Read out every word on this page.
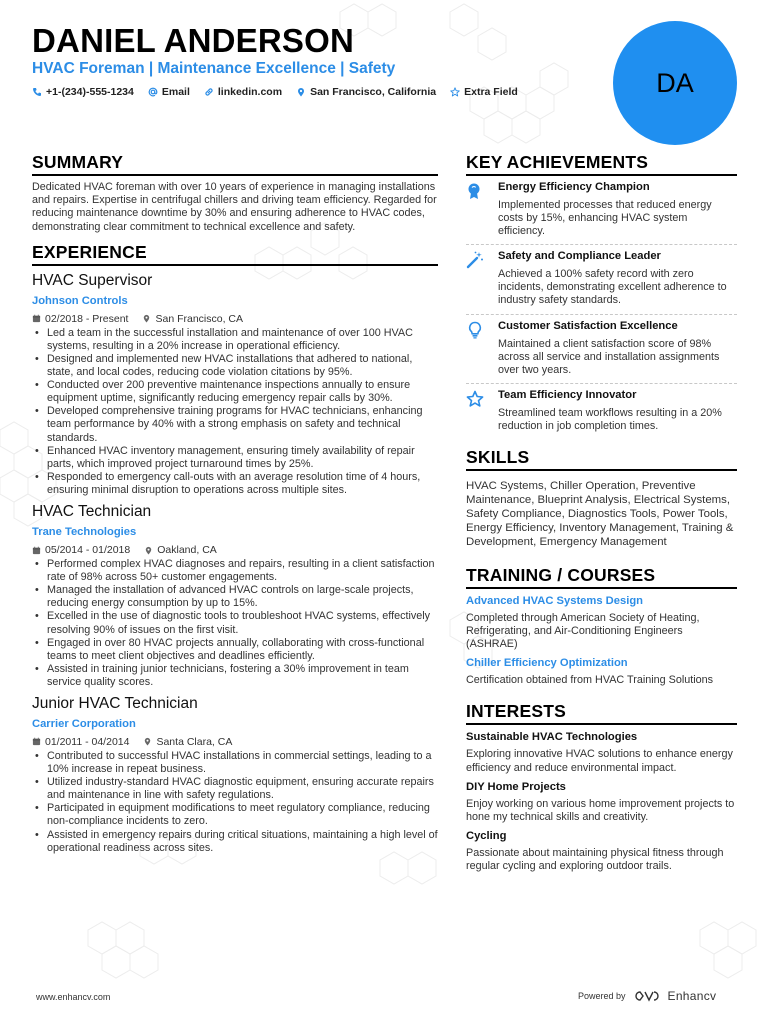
DANIEL ANDERSON
HVAC Foreman | Maintenance Excellence | Safety
+1-(234)-555-1234	Email	linkedin.com	San Francisco, California	Extra Field	DA
SUMMARY
Dedicated HVAC foreman with over 10 years of experience in managing installations and repairs. Expertise in centrifugal chillers and driving team efficiency. Regarded for reducing maintenance downtime by 30% and ensuring adherence to HVAC codes, demonstrating clear commitment to technical excellence and safety.
EXPERIENCE
HVAC Supervisor
Johnson Controls
02/2018 - Present	San Francisco, CA
• Led a team in the successful installation and maintenance of over 100 HVAC systems, resulting in a 20% increase in operational efficiency.
• Designed and implemented new HVAC installations that adhered to national, state, and local codes, reducing code violation citations by 95%.
• Conducted over 200 preventive maintenance inspections annually to ensure equipment uptime, significantly reducing emergency repair calls by 30%.
• Developed comprehensive training programs for HVAC technicians, enhancing team performance by 40% with a strong emphasis on safety and technical standards.
• Enhanced HVAC inventory management, ensuring timely availability of repair parts, which improved project turnaround times by 25%.
• Responded to emergency call-outs with an average resolution time of 4 hours, ensuring minimal disruption to operations across multiple sites.
HVAC Technician
Trane Technologies
05/2014 - 01/2018	Oakland, CA
• Performed complex HVAC diagnoses and repairs, resulting in a client satisfaction rate of 98% across 50+ customer engagements.
• Managed the installation of advanced HVAC controls on large-scale projects, reducing energy consumption by up to 15%.
• Excelled in the use of diagnostic tools to troubleshoot HVAC systems, effectively resolving 90% of issues on the first visit.
• Engaged in over 80 HVAC projects annually, collaborating with cross-functional teams to meet client objectives and deadlines efficiently.
• Assisted in training junior technicians, fostering a 30% improvement in team service quality scores.
Junior HVAC Technician
Carrier Corporation
01/2011 - 04/2014	Santa Clara, CA
• Contributed to successful HVAC installations in commercial settings, leading to a 10% increase in repeat business.
• Utilized industry-standard HVAC diagnostic equipment, ensuring accurate repairs and maintenance in line with safety regulations.
• Participated in equipment modifications to meet regulatory compliance, reducing non-compliance incidents to zero.
• Assisted in emergency repairs during critical situations, maintaining a high level of operational readiness across sites.
KEY ACHIEVEMENTS
Energy Efficiency Champion
Implemented processes that reduced energy costs by 15%, enhancing HVAC system efficiency.
Safety and Compliance Leader
Achieved a 100% safety record with zero incidents, demonstrating excellent adherence to industry safety standards.
Customer Satisfaction Excellence
Maintained a client satisfaction score of 98% across all service and installation assignments over two years.
Team Efficiency Innovator
Streamlined team workflows resulting in a 20% reduction in job completion times.
SKILLS
HVAC Systems, Chiller Operation, Preventive Maintenance, Blueprint Analysis, Electrical Systems, Safety Compliance, Diagnostics Tools, Power Tools, Energy Efficiency, Inventory Management, Training & Development, Emergency Management
TRAINING / COURSES
Advanced HVAC Systems Design
Completed through American Society of Heating, Refrigerating, and Air-Conditioning Engineers (ASHRAE)
Chiller Efficiency Optimization
Certification obtained from HVAC Training Solutions
INTERESTS
Sustainable HVAC Technologies
Exploring innovative HVAC solutions to enhance energy efficiency and reduce environmental impact.
DIY Home Projects
Enjoy working on various home improvement projects to hone my technical skills and creativity.
Cycling
Passionate about maintaining physical fitness through regular cycling and exploring outdoor trails.
www.enhancv.com	Powered by	Enhancv
